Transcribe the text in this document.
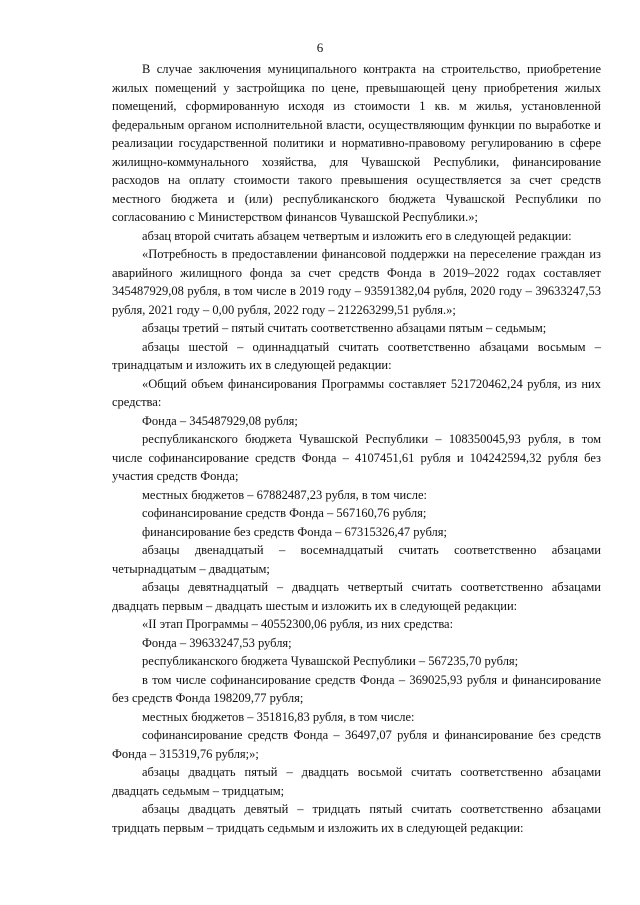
6

В случае заключения муниципального контракта на строительство, приобретение жилых помещений у застройщика по цене, превышающей цену приобретения жилых помещений, сформированную исходя из стоимости 1 кв. м жилья, установленной федеральным органом исполнительной власти, осуществляющим функции по выработке и реализации государственной политики и нормативно-правовому регулированию в сфере жилищно-коммунального хозяйства, для Чувашской Республики, финансирование расходов на оплату стоимости такого превышения осуществляется за счет средств местного бюджета и (или) республиканского бюджета Чувашской Республики по согласованию с Министерством финансов Чувашской Республики.»;

абзац второй считать абзацем четвертым и изложить его в следующей редакции:

«Потребность в предоставлении финансовой поддержки на переселение граждан из аварийного жилищного фонда за счет средств Фонда в 2019–2022 годах составляет 345487929,08 рубля, в том числе в 2019 году – 93591382,04 рубля, 2020 году – 39633247,53 рубля, 2021 году – 0,00 рубля, 2022 году – 212263299,51 рубля.»;

абзацы третий – пятый считать соответственно абзацами пятым – седьмым;

абзацы шестой – одиннадцатый считать соответственно абзацами восьмым – тринадцатым и изложить их в следующей редакции:

«Общий объем финансирования Программы составляет 521720462,24 рубля, из них средства:

Фонда – 345487929,08 рубля;

республиканского бюджета Чувашской Республики – 108350045,93 рубля, в том числе софинансирование средств Фонда – 4107451,61 рубля и 104242594,32 рубля без участия средств Фонда;

местных бюджетов – 67882487,23 рубля, в том числе:

софинансирование средств Фонда – 567160,76 рубля;

финансирование без средств Фонда – 67315326,47 рубля;

абзацы двенадцатый – восемнадцатый считать соответственно абзацами четырнадцатым – двадцатым;

абзацы девятнадцатый – двадцать четвертый считать соответственно абзацами двадцать первым – двадцать шестым и изложить их в следующей редакции:

«II этап Программы – 40552300,06 рубля, из них средства:

Фонда – 39633247,53 рубля;

республиканского бюджета Чувашской Республики – 567235,70 рубля;

в том числе софинансирование средств Фонда – 369025,93 рубля и финансирование без средств Фонда 198209,77 рубля;

местных бюджетов – 351816,83 рубля, в том числе:

софинансирование средств Фонда – 36497,07 рубля и финансирование без средств Фонда – 315319,76 рубля;»;

абзацы двадцать пятый – двадцать восьмой считать соответственно абзацами двадцать седьмым – тридцатым;

абзацы двадцать девятый – тридцать пятый считать соответственно абзацами тридцать первым – тридцать седьмым и изложить их в следующей редакции:
